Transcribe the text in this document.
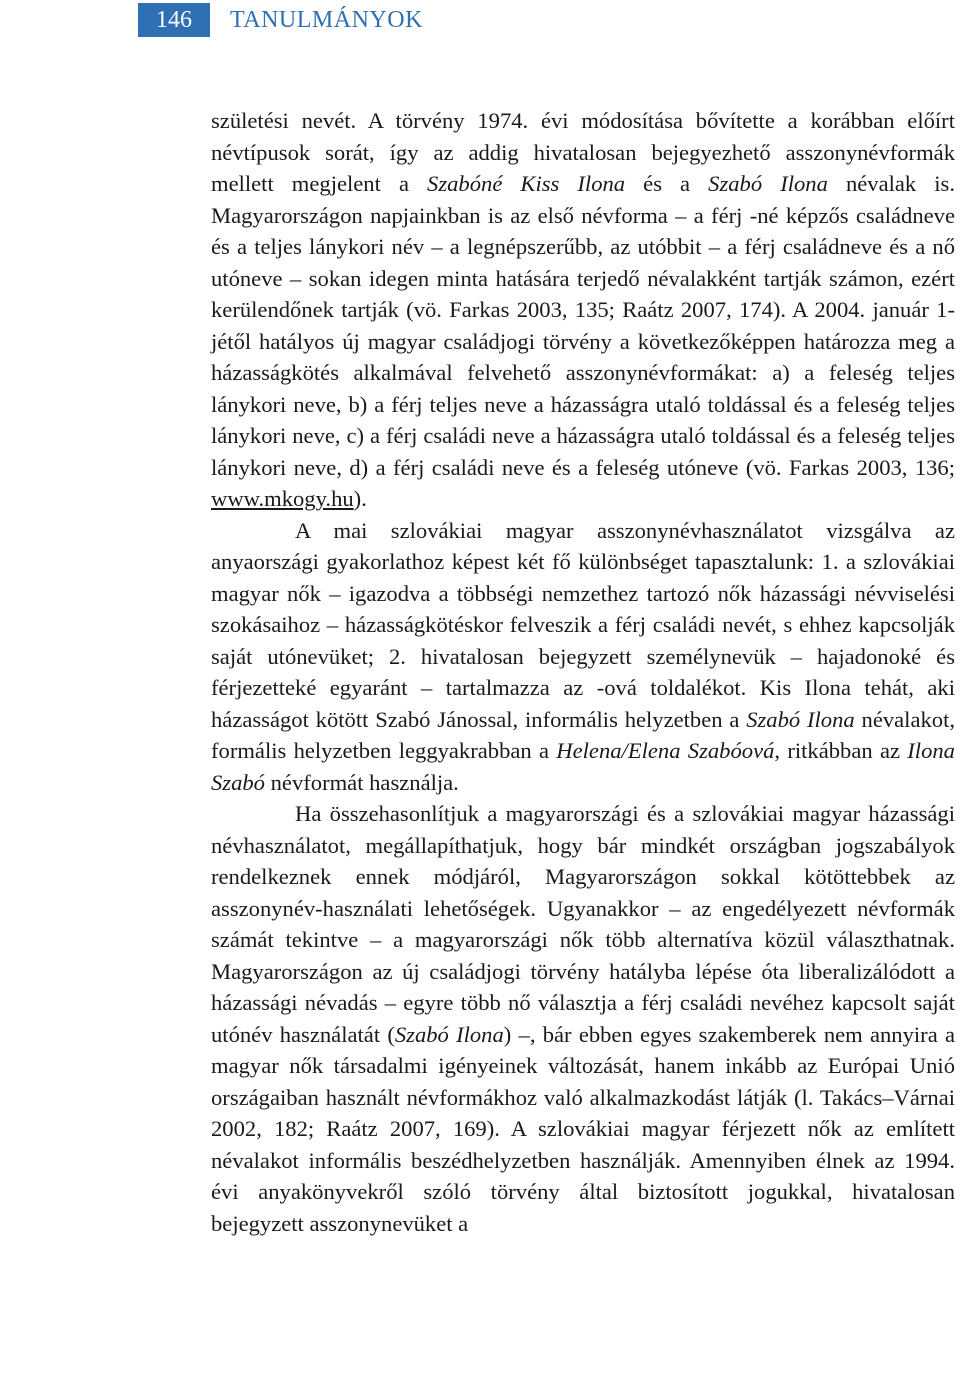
146	TANULMÁNYOK

születési nevét. A törvény 1974. évi módosítása bővítette a korábban előírt névtípusok sorát, így az addig hivatalosan bejegyezhető asszonynévformák mellett megjelent a Szabóné Kiss Ilona és a Szabó Ilona névalak is. Magyarországon napjainkban is az első névforma – a férj -né képzős családneve és a teljes lánykori név – a legnépszerűbb, az utóbbit – a férj családneve és a nő utóneve – sokan idegen minta hatására terjedő névalakként tartják számon, ezért kerülendőnek tartják (vö. Farkas 2003, 135; Raátz 2007, 174). A 2004. január 1-jétől hatályos új magyar családjogi törvény a következőképpen határozza meg a házasságkötés alkalmával felvehető asszonynévformákat: a) a feleség teljes lánykori neve, b) a férj teljes neve a házasságra utaló toldással és a feleség teljes lánykori neve, c) a férj családi neve a házasságra utaló toldással és a feleség teljes lánykori neve, d) a férj családi neve és a feleség utóneve (vö. Farkas 2003, 136; www.mkogy.hu).

A mai szlovákiai magyar asszonynévhasználatot vizsgálva az anyaországi gyakorlathoz képest két fő különbséget tapasztalunk: 1. a szlovákiai magyar nők – igazodva a többségi nemzethez tartozó nők házassági névviselési szokásaihoz – házasságkötéskor felveszik a férj családi nevét, s ehhez kapcsolják saját utónevüket; 2. hivatalosan bejegyzett személynevük – hajadonoké és férjezetteké egyaránt – tartalmazza az -ová toldalékot. Kis Ilona tehát, aki házasságot kötött Szabó Jánossal, informális helyzetben a Szabó Ilona névalakot, formális helyzetben leggyakrabban a Helena/Elena Szabóová, ritkábban az Ilona Szabó névformát használja.

Ha összehasonlítjuk a magyarországi és a szlovákiai magyar házassági névhasználatot, megállapíthatjuk, hogy bár mindkét országban jogszabályok rendelkeznek ennek módjáról, Magyarországon sokkal kötöttebbek az asszonynév-használati lehetőségek. Ugyanakkor – az engedélyezett névformák számát tekintve – a magyarországi nők több alternatíva közül választhatnak. Magyarországon az új családjogi törvény hatályba lépése óta liberalizálódott a házassági névadás – egyre több nő választja a férj családi nevéhez kapcsolt saját utónév használatát (Szabó Ilona) –, bár ebben egyes szakemberek nem annyira a magyar nők társadalmi igényeinek változását, hanem inkább az Európai Unió országaiban használt névformákhoz való alkalmazkodást látják (l. Takács–Várnai 2002, 182; Raátz 2007, 169). A szlovákiai magyar férjezett nők az említett névalakot informális beszédhelyzetben használják. Amennyiben élnek az 1994. évi anyakönyvekről szóló törvény által biztosított jogukkal, hivatalosan bejegyzett asszonynevüket a
